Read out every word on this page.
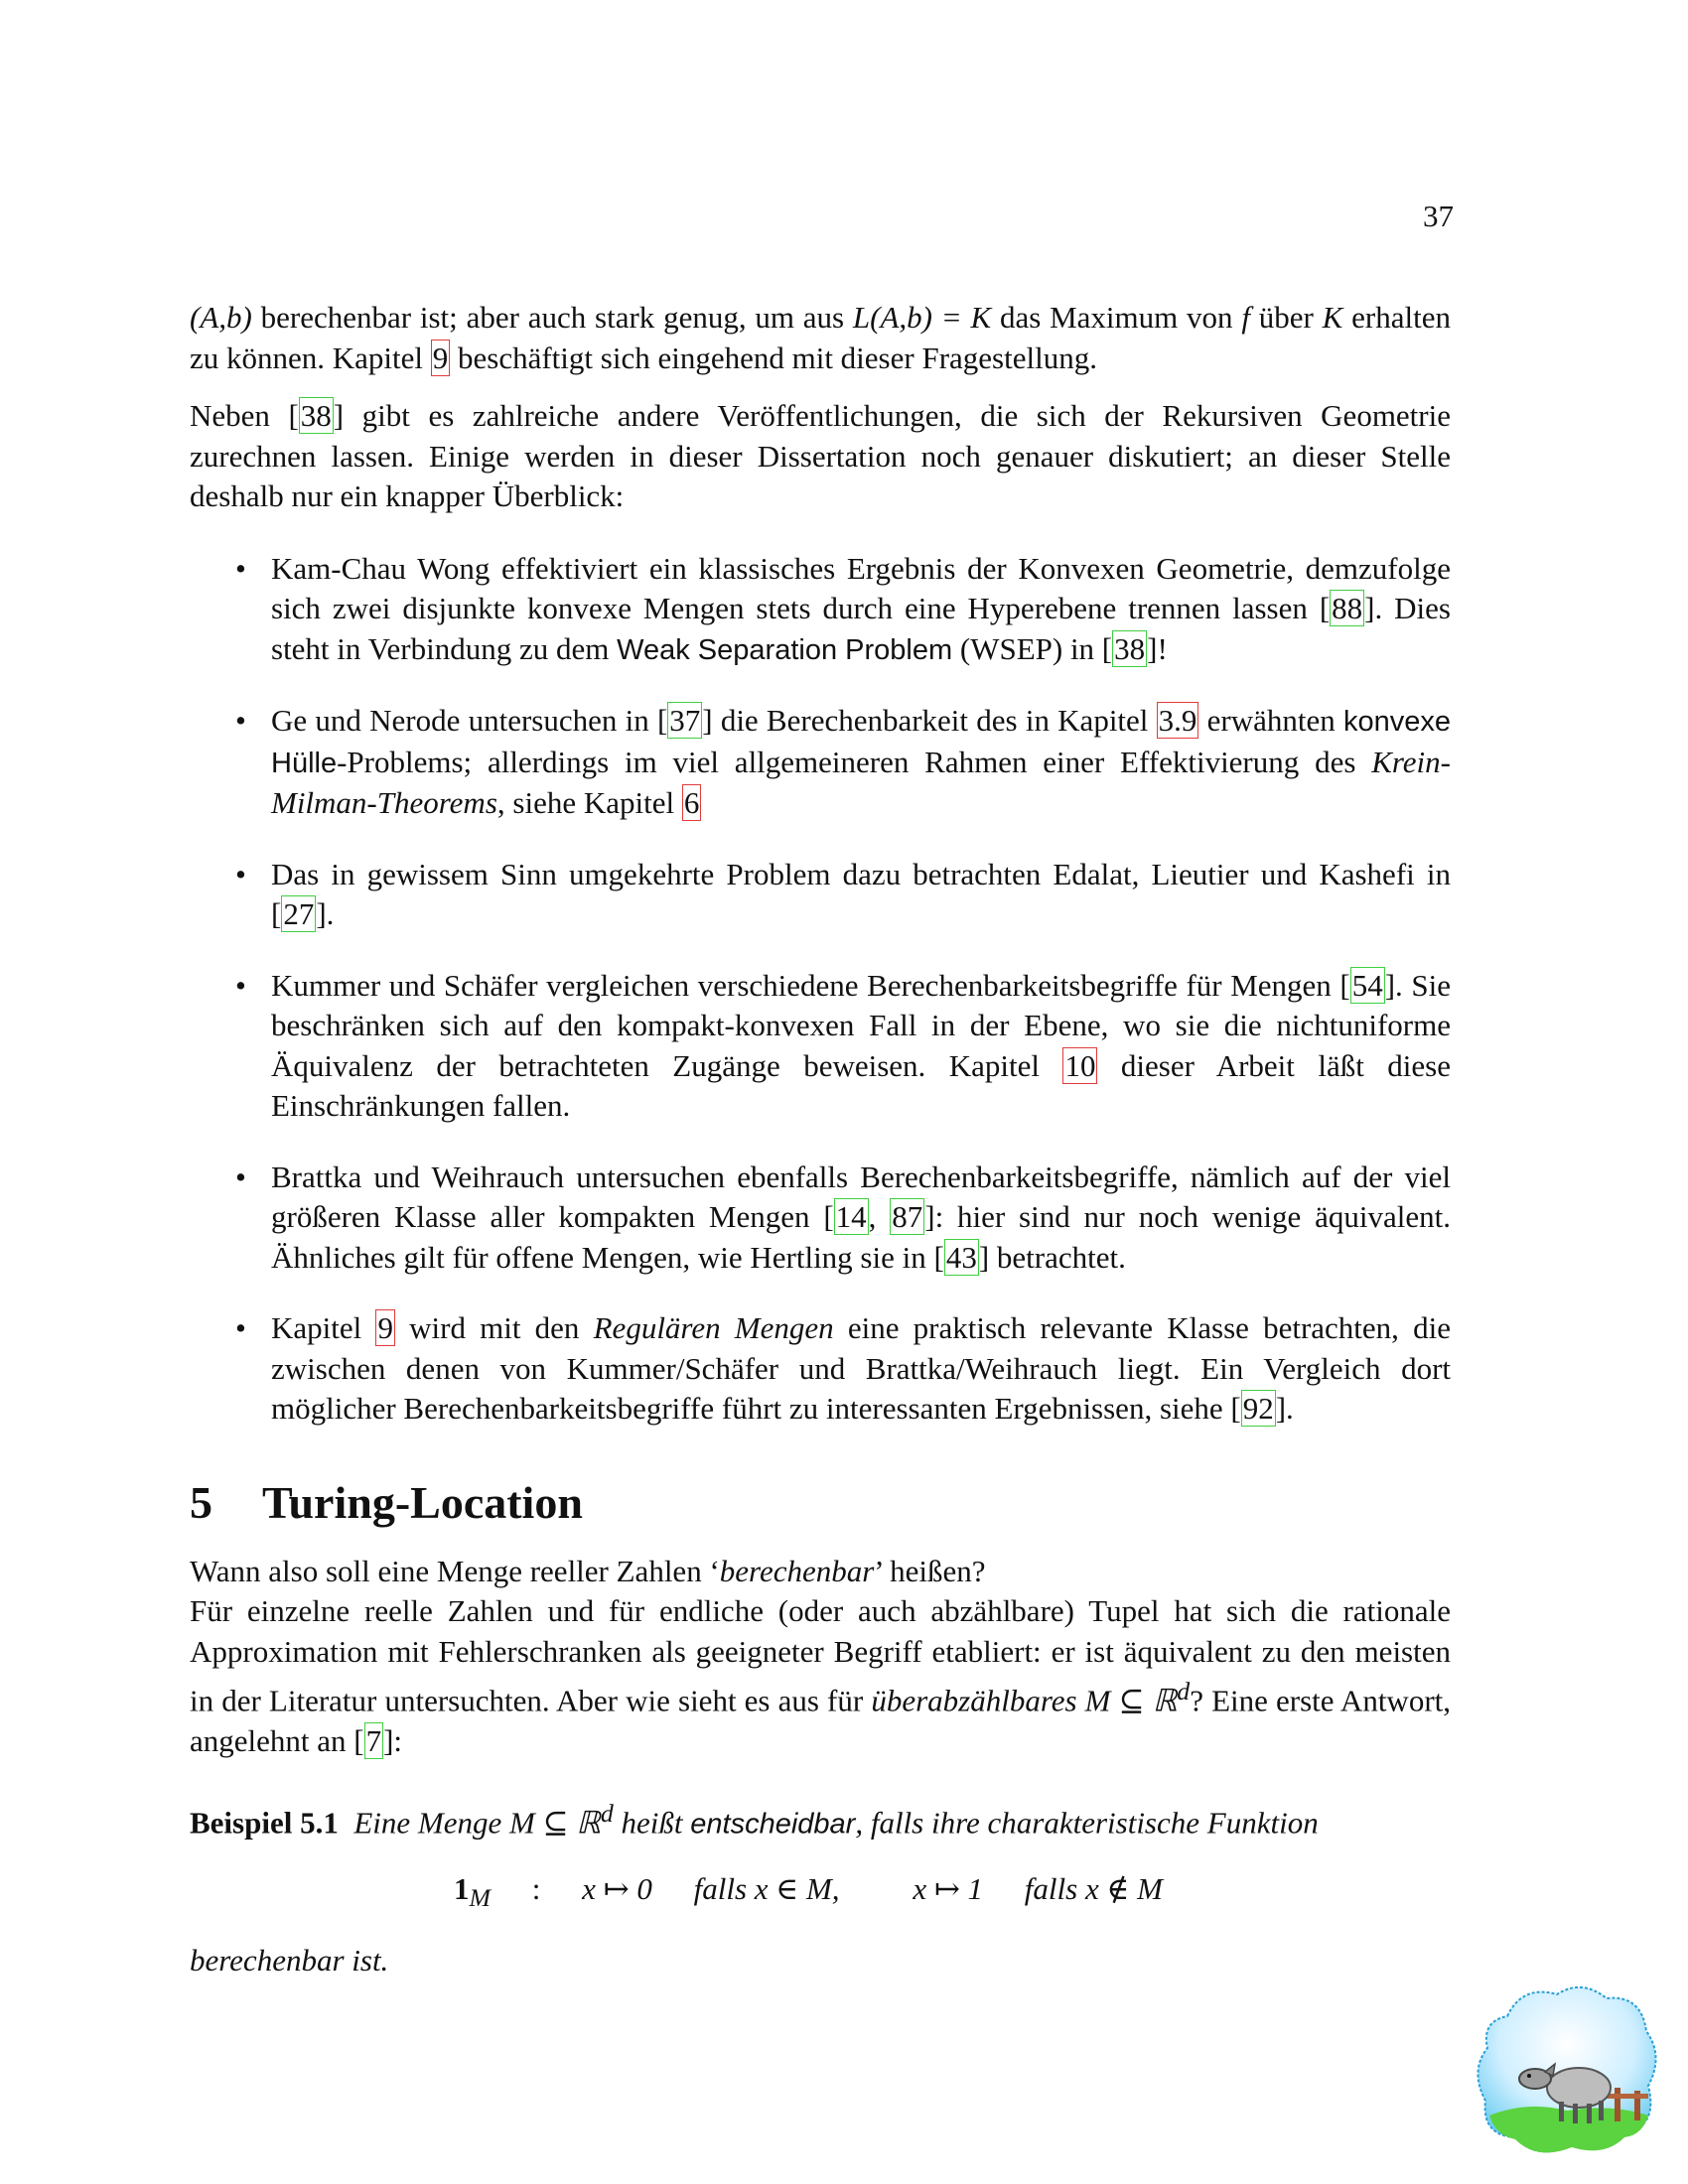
37

(A,b) berechenbar ist; aber auch stark genug, um aus L(A,b) = K das Maximum von f über K erhalten zu können. Kapitel 9 beschäftigt sich eingehend mit dieser Fragestellung.

Neben [38] gibt es zahlreiche andere Veröffentlichungen, die sich der Rekursiven Geometrie zurechnen lassen. Einige werden in dieser Dissertation noch genauer diskutiert; an dieser Stelle deshalb nur ein knapper Überblick:

• Kam-Chau Wong effektiviert ein klassisches Ergebnis der Konvexen Geometrie, demzufolge sich zwei disjunkte konvexe Mengen stets durch eine Hyperebene trennen lassen [88]. Dies steht in Verbindung zu dem Weak Separation Problem (WSEP) in [38]!
• Ge und Nerode untersuchen in [37] die Berechenbarkeit des in Kapitel 3.9 erwähnten konvexe Hülle-Problems; allerdings im viel allgemeineren Rahmen einer Effektivierung des Krein-Milman-Theorems, siehe Kapitel 6
• Das in gewissem Sinn umgekehrte Problem dazu betrachten Edalat, Lieutier und Kashefi in [27].
• Kummer und Schäfer vergleichen verschiedene Berechenbarkeitsbegriffe für Mengen [54]. Sie beschränken sich auf den kompakt-konvexen Fall in der Ebene, wo sie die nichtuniforme Äquivalenz der betrachteten Zugänge beweisen. Kapitel 10 dieser Arbeit läßt diese Einschränkungen fallen.
• Brattka und Weihrauch untersuchen ebenfalls Berechenbarkeitsbegriffe, nämlich auf der viel größeren Klasse aller kompakten Mengen [14, 87]: hier sind nur noch wenige äquivalent. Ähnliches gilt für offene Mengen, wie Hertling sie in [43] betrachtet.
• Kapitel 9 wird mit den Regulären Mengen eine praktisch relevante Klasse betrachten, die zwischen denen von Kummer/Schäfer und Brattka/Weihrauch liegt. Ein Vergleich dort möglicher Berechenbarkeitsbegriffe führt zu interessanten Ergebnissen, siehe [92].
5 Turing-Location

Wann also soll eine Menge reeller Zahlen ‘berechenbar’ heißen?

Für einzelne reelle Zahlen und für endliche (oder auch abzählbare) Tupel hat sich die rationale Approximation mit Fehlerschranken als geeigneter Begriff etabliert: er ist äquivalent zu den meisten in der Literatur untersuchten. Aber wie sieht es aus für überabzählbares M ⊆ ℝ$^d$? Eine erste Antwort, angelehnt an [7]:

Beispiel 5.1 Eine Menge M ⊆ ℝ$^d$ heißt entscheidbar, falls ihre charakteristische Funktion

$1_M$ : x ↦ 0 falls x ∈ M, x ↦ 1 falls x ∉ M

berechenbar ist.
